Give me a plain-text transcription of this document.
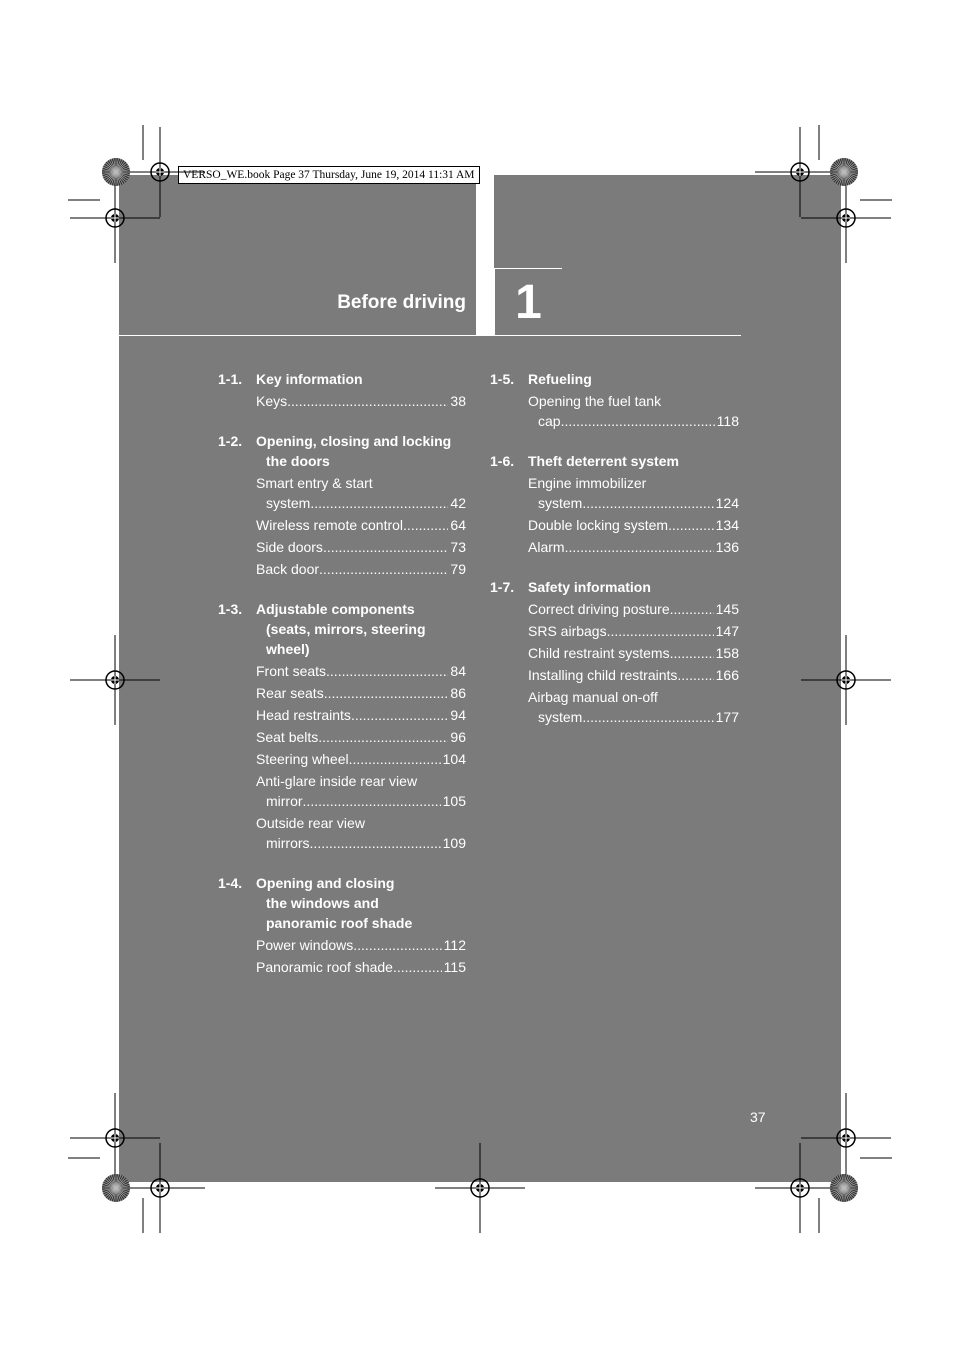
1
Before driving
VERSO_WE.book Page 37 Thursday, June 19, 2014 11:31 AM
37
1-1. Key information
Keys .....	38
1-2. Opening, closing and locking
the doors
Smart entry & start
system .....	42
Wireless remote control .....	64
Side doors .....	73
Back door .....	79
1-3. Adjustable components
(seats, mirrors, steering
wheel)
Front seats .....	84
Rear seats .....	86
Head restraints .....	94
Seat belts .....	96
Steering wheel .....	104
Anti-glare inside rear view
mirror .....	105
Outside rear view
mirrors .....	109
1-4. Opening and closing
the windows and
panoramic roof shade
Power windows .....	112
Panoramic roof shade .....	115
1-5. Refueling
Opening the fuel tank
cap .....	118
1-6. Theft deterrent system
Engine immobilizer
system .....	124
Double locking system .....	134
Alarm .....	136
1-7. Safety information
Correct driving posture .....	145
SRS airbags .....	147
Child restraint systems .....	158
Installing child restraints .....	166
Airbag manual on-off
system .....	177
